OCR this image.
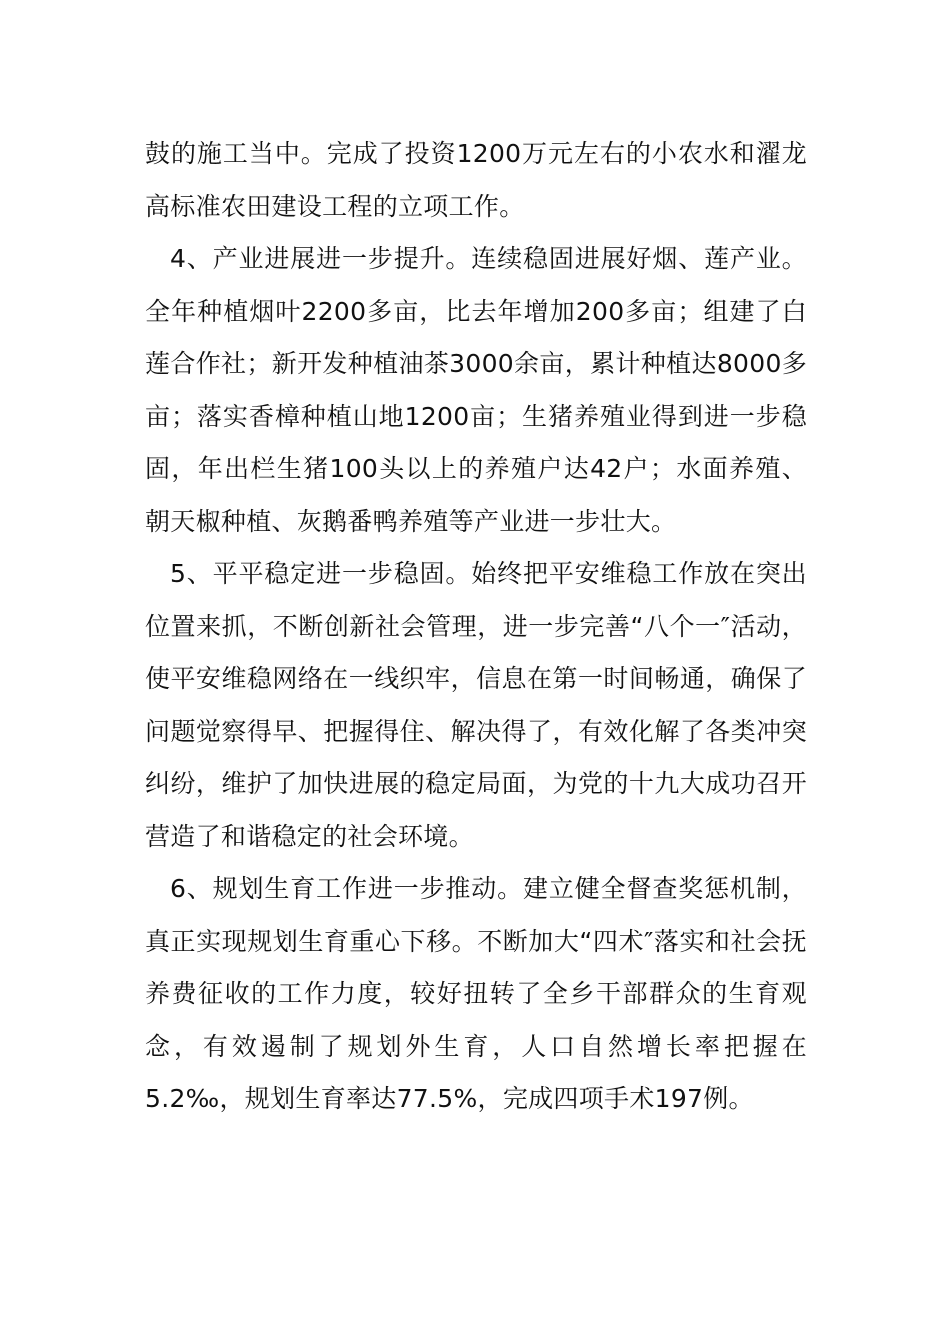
鼓的施工当中。完成了投资1200万元左右的小农水和濯龙高标准农田建设工程的立项工作。

4、产业进展进一步提升。连续稳固进展好烟、莲产业。全年种植烟叶2200多亩，比去年增加200多亩；组建了白莲合作社；新开发种植油茶3000余亩，累计种植达8000多亩；落实香樟种植山地1200亩；生猪养殖业得到进一步稳固，年出栏生猪100头以上的养殖户达42户；水面养殖、朝天椒种植、灰鹅番鸭养殖等产业进一步壮大。

5、平平稳定进一步稳固。始终把平安维稳工作放在突出位置来抓，不断创新社会管理，进一步完善“八个一″活动，使平安维稳网络在一线织牢，信息在第一时间畅通，确保了问题觉察得早、把握得住、解决得了，有效化解了各类冲突纠纷，维护了加快进展的稳定局面，为党的十九大成功召开营造了和谐稳定的社会环境。

6、规划生育工作进一步推动。建立健全督查奖惩机制，真正实现规划生育重心下移。不断加大“四术″落实和社会抚养费征收的工作力度，较好扭转了全乡干部群众的生育观念，有效遏制了规划外生育，人口自然增长率把握在5.2‰，规划生育率达77.5%，完成四项手术197例。
